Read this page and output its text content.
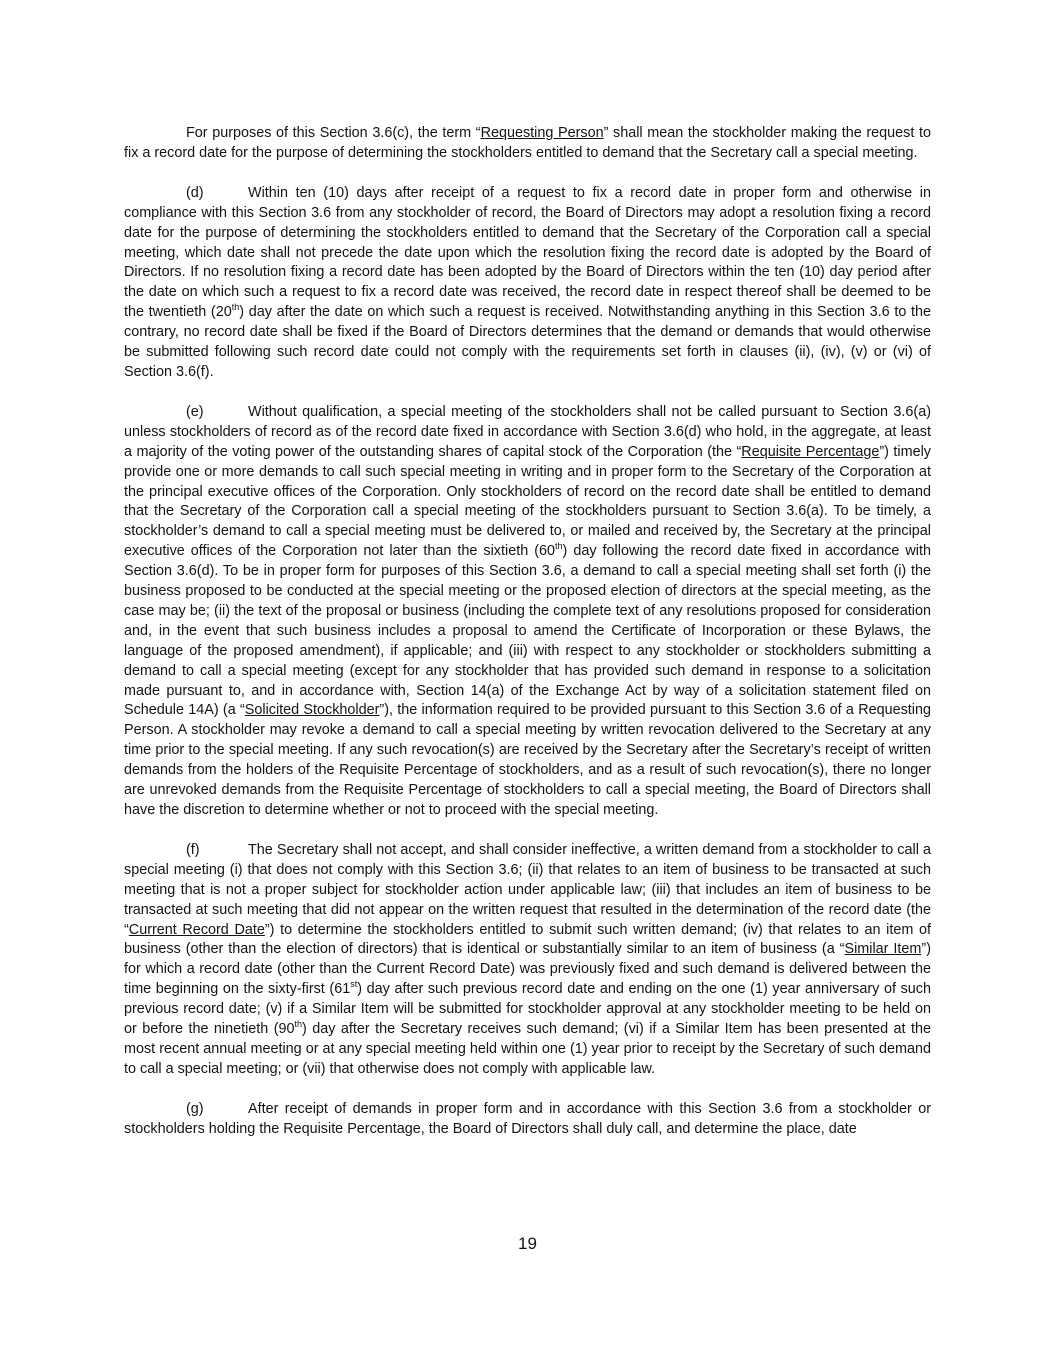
For purposes of this Section 3.6(c), the term “Requesting Person” shall mean the stockholder making the request to fix a record date for the purpose of determining the stockholders entitled to demand that the Secretary call a special meeting.

(d)	Within ten (10) days after receipt of a request to fix a record date in proper form and otherwise in compliance with this Section 3.6 from any stockholder of record, the Board of Directors may adopt a resolution fixing a record date for the purpose of determining the stockholders entitled to demand that the Secretary of the Corporation call a special meeting, which date shall not precede the date upon which the resolution fixing the record date is adopted by the Board of Directors. If no resolution fixing a record date has been adopted by the Board of Directors within the ten (10) day period after the date on which such a request to fix a record date was received, the record date in respect thereof shall be deemed to be the twentieth (20th) day after the date on which such a request is received. Notwithstanding anything in this Section 3.6 to the contrary, no record date shall be fixed if the Board of Directors determines that the demand or demands that would otherwise be submitted following such record date could not comply with the requirements set forth in clauses (ii), (iv), (v) or (vi) of Section 3.6(f).

(e)	Without qualification, a special meeting of the stockholders shall not be called pursuant to Section 3.6(a) unless stockholders of record as of the record date fixed in accordance with Section 3.6(d) who hold, in the aggregate, at least a majority of the voting power of the outstanding shares of capital stock of the Corporation (the “Requisite Percentage”) timely provide one or more demands to call such special meeting in writing and in proper form to the Secretary of the Corporation at the principal executive offices of the Corporation. Only stockholders of record on the record date shall be entitled to demand that the Secretary of the Corporation call a special meeting of the stockholders pursuant to Section 3.6(a). To be timely, a stockholder’s demand to call a special meeting must be delivered to, or mailed and received by, the Secretary at the principal executive offices of the Corporation not later than the sixtieth (60th) day following the record date fixed in accordance with Section 3.6(d). To be in proper form for purposes of this Section 3.6, a demand to call a special meeting shall set forth (i) the business proposed to be conducted at the special meeting or the proposed election of directors at the special meeting, as the case may be; (ii) the text of the proposal or business (including the complete text of any resolutions proposed for consideration and, in the event that such business includes a proposal to amend the Certificate of Incorporation or these Bylaws, the language of the proposed amendment), if applicable; and (iii) with respect to any stockholder or stockholders submitting a demand to call a special meeting (except for any stockholder that has provided such demand in response to a solicitation made pursuant to, and in accordance with, Section 14(a) of the Exchange Act by way of a solicitation statement filed on Schedule 14A) (a “Solicited Stockholder”), the information required to be provided pursuant to this Section 3.6 of a Requesting Person. A stockholder may revoke a demand to call a special meeting by written revocation delivered to the Secretary at any time prior to the special meeting. If any such revocation(s) are received by the Secretary after the Secretary’s receipt of written demands from the holders of the Requisite Percentage of stockholders, and as a result of such revocation(s), there no longer are unrevoked demands from the Requisite Percentage of stockholders to call a special meeting, the Board of Directors shall have the discretion to determine whether or not to proceed with the special meeting.

(f)	The Secretary shall not accept, and shall consider ineffective, a written demand from a stockholder to call a special meeting (i) that does not comply with this Section 3.6; (ii) that relates to an item of business to be transacted at such meeting that is not a proper subject for stockholder action under applicable law; (iii) that includes an item of business to be transacted at such meeting that did not appear on the written request that resulted in the determination of the record date (the “Current Record Date”) to determine the stockholders entitled to submit such written demand; (iv) that relates to an item of business (other than the election of directors) that is identical or substantially similar to an item of business (a “Similar Item”) for which a record date (other than the Current Record Date) was previously fixed and such demand is delivered between the time beginning on the sixty-first (61st) day after such previous record date and ending on the one (1) year anniversary of such previous record date; (v) if a Similar Item will be submitted for stockholder approval at any stockholder meeting to be held on or before the ninetieth (90th) day after the Secretary receives such demand; (vi) if a Similar Item has been presented at the most recent annual meeting or at any special meeting held within one (1) year prior to receipt by the Secretary of such demand to call a special meeting; or (vii) that otherwise does not comply with applicable law.

(g)	After receipt of demands in proper form and in accordance with this Section 3.6 from a stockholder or stockholders holding the Requisite Percentage, the Board of Directors shall duly call, and determine the place, date

19
